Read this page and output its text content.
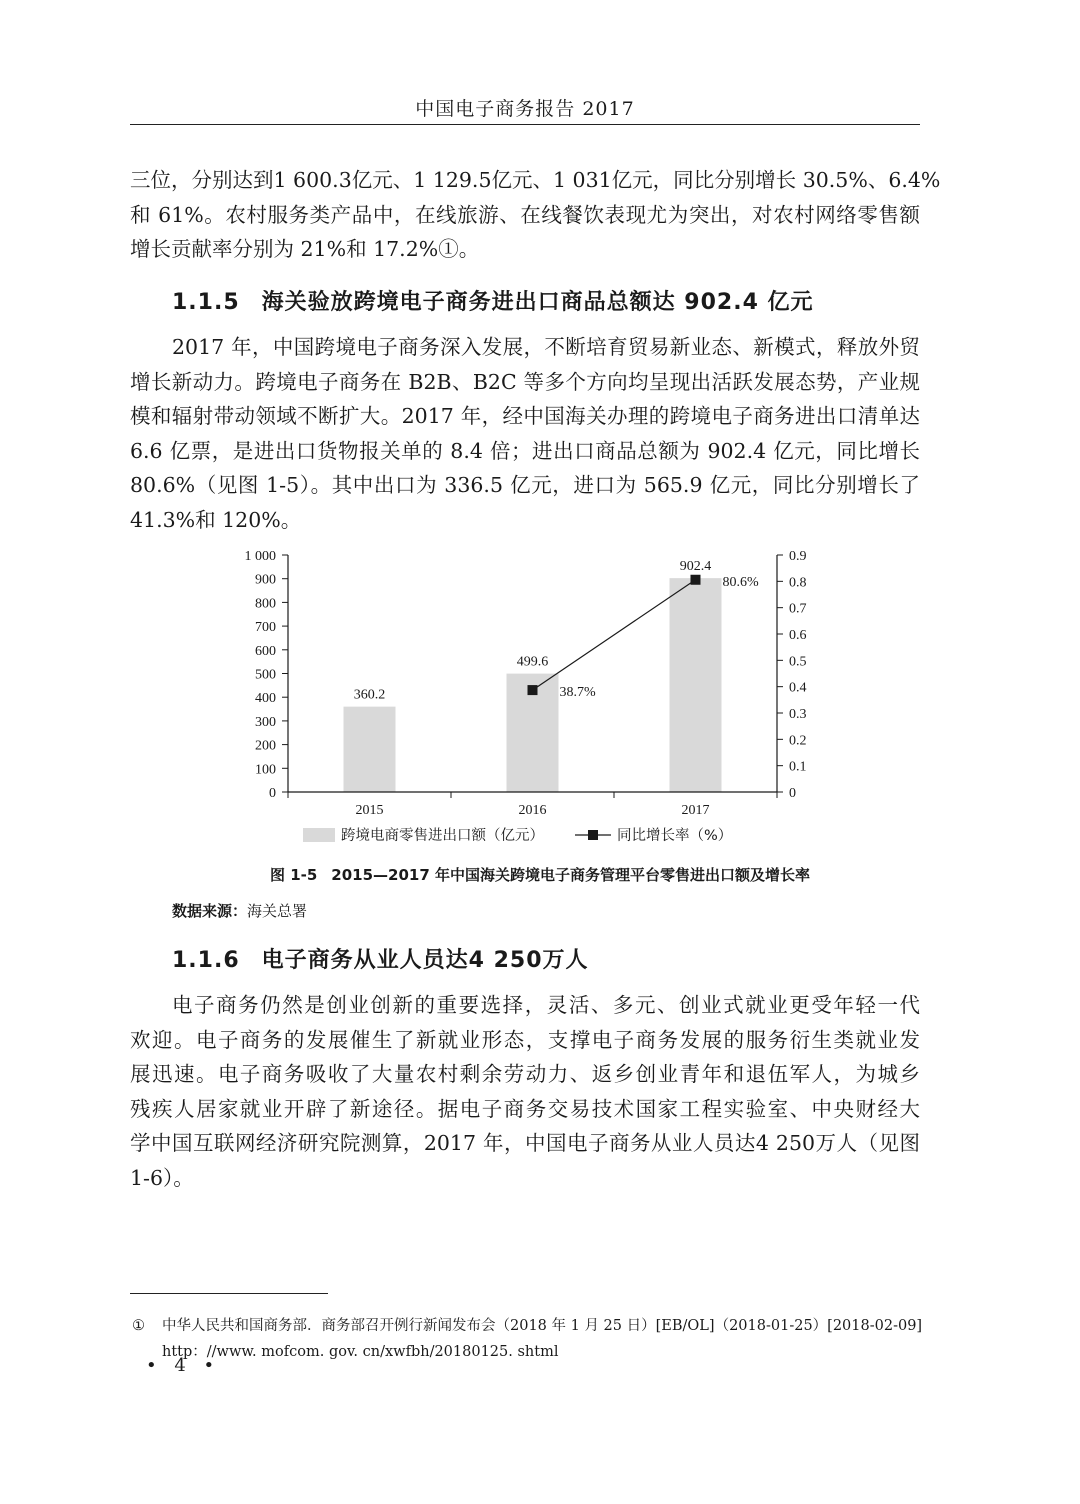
中国电子商务报告 2017
三位，分别达到1 600.3亿元、1 129.5亿元、1 031亿元，同比分别增长 30.5%、6.4%
和 61%。农村服务类产品中，在线旅游、在线餐饮表现尤为突出，对农村网络零售额
增长贡献率分别为 21%和 17.2%①。
1.1.5 海关验放跨境电子商务进出口商品总额达 902.4 亿元
2017 年，中国跨境电子商务深入发展，不断培育贸易新业态、新模式，释放外贸
增长新动力。跨境电子商务在 B2B、B2C 等多个方向均呈现出活跃发展态势，产业规
模和辐射带动领域不断扩大。2017 年，经中国海关办理的跨境电子商务进出口清单达
6.6 亿票，是进出口货物报关单的 8.4 倍；进出口商品总额为 902.4 亿元，同比增长
80.6%（见图 1-5）。其中出口为 336.5 亿元，进口为 565.9 亿元，同比分别增长了
41.3%和 120%。
360.2
499.6
902.4
0
100
200
300
400
500
600
700
800
900
1 000
0
0.1
0.2
0.3
0.4
0.5
0.6
0.7
0.8
0.9
2015	2016	2017
38.7%
80.6%
跨境电商零售进出口额（亿元）	同比增长率（%）
图 1-5 2015—2017 年中国海关跨境电子商务管理平台零售进出口额及增长率
数据来源：海关总署
1.1.6 电子商务从业人员达4 250万人
电子商务仍然是创业创新的重要选择，灵活、多元、创业式就业更受年轻一代
欢迎。电子商务的发展催生了新就业形态，支撑电子商务发展的服务衍生类就业发
展迅速。电子商务吸收了大量农村剩余劳动力、返乡创业青年和退伍军人，为城乡
残疾人居家就业开辟了新途径。据电子商务交易技术国家工程实验室、中央财经大
学中国互联网经济研究院测算，2017 年，中国电子商务从业人员达4 250万人（见图
1-6）。
① 中华人民共和国商务部．商务部召开例行新闻发布会（2018 年 1 月 25 日）[EB/OL]（2018-01-25）[2018-02-09]
http：//www. mofcom. gov. cn/xwfbh/20180125. shtml
• 4 •
